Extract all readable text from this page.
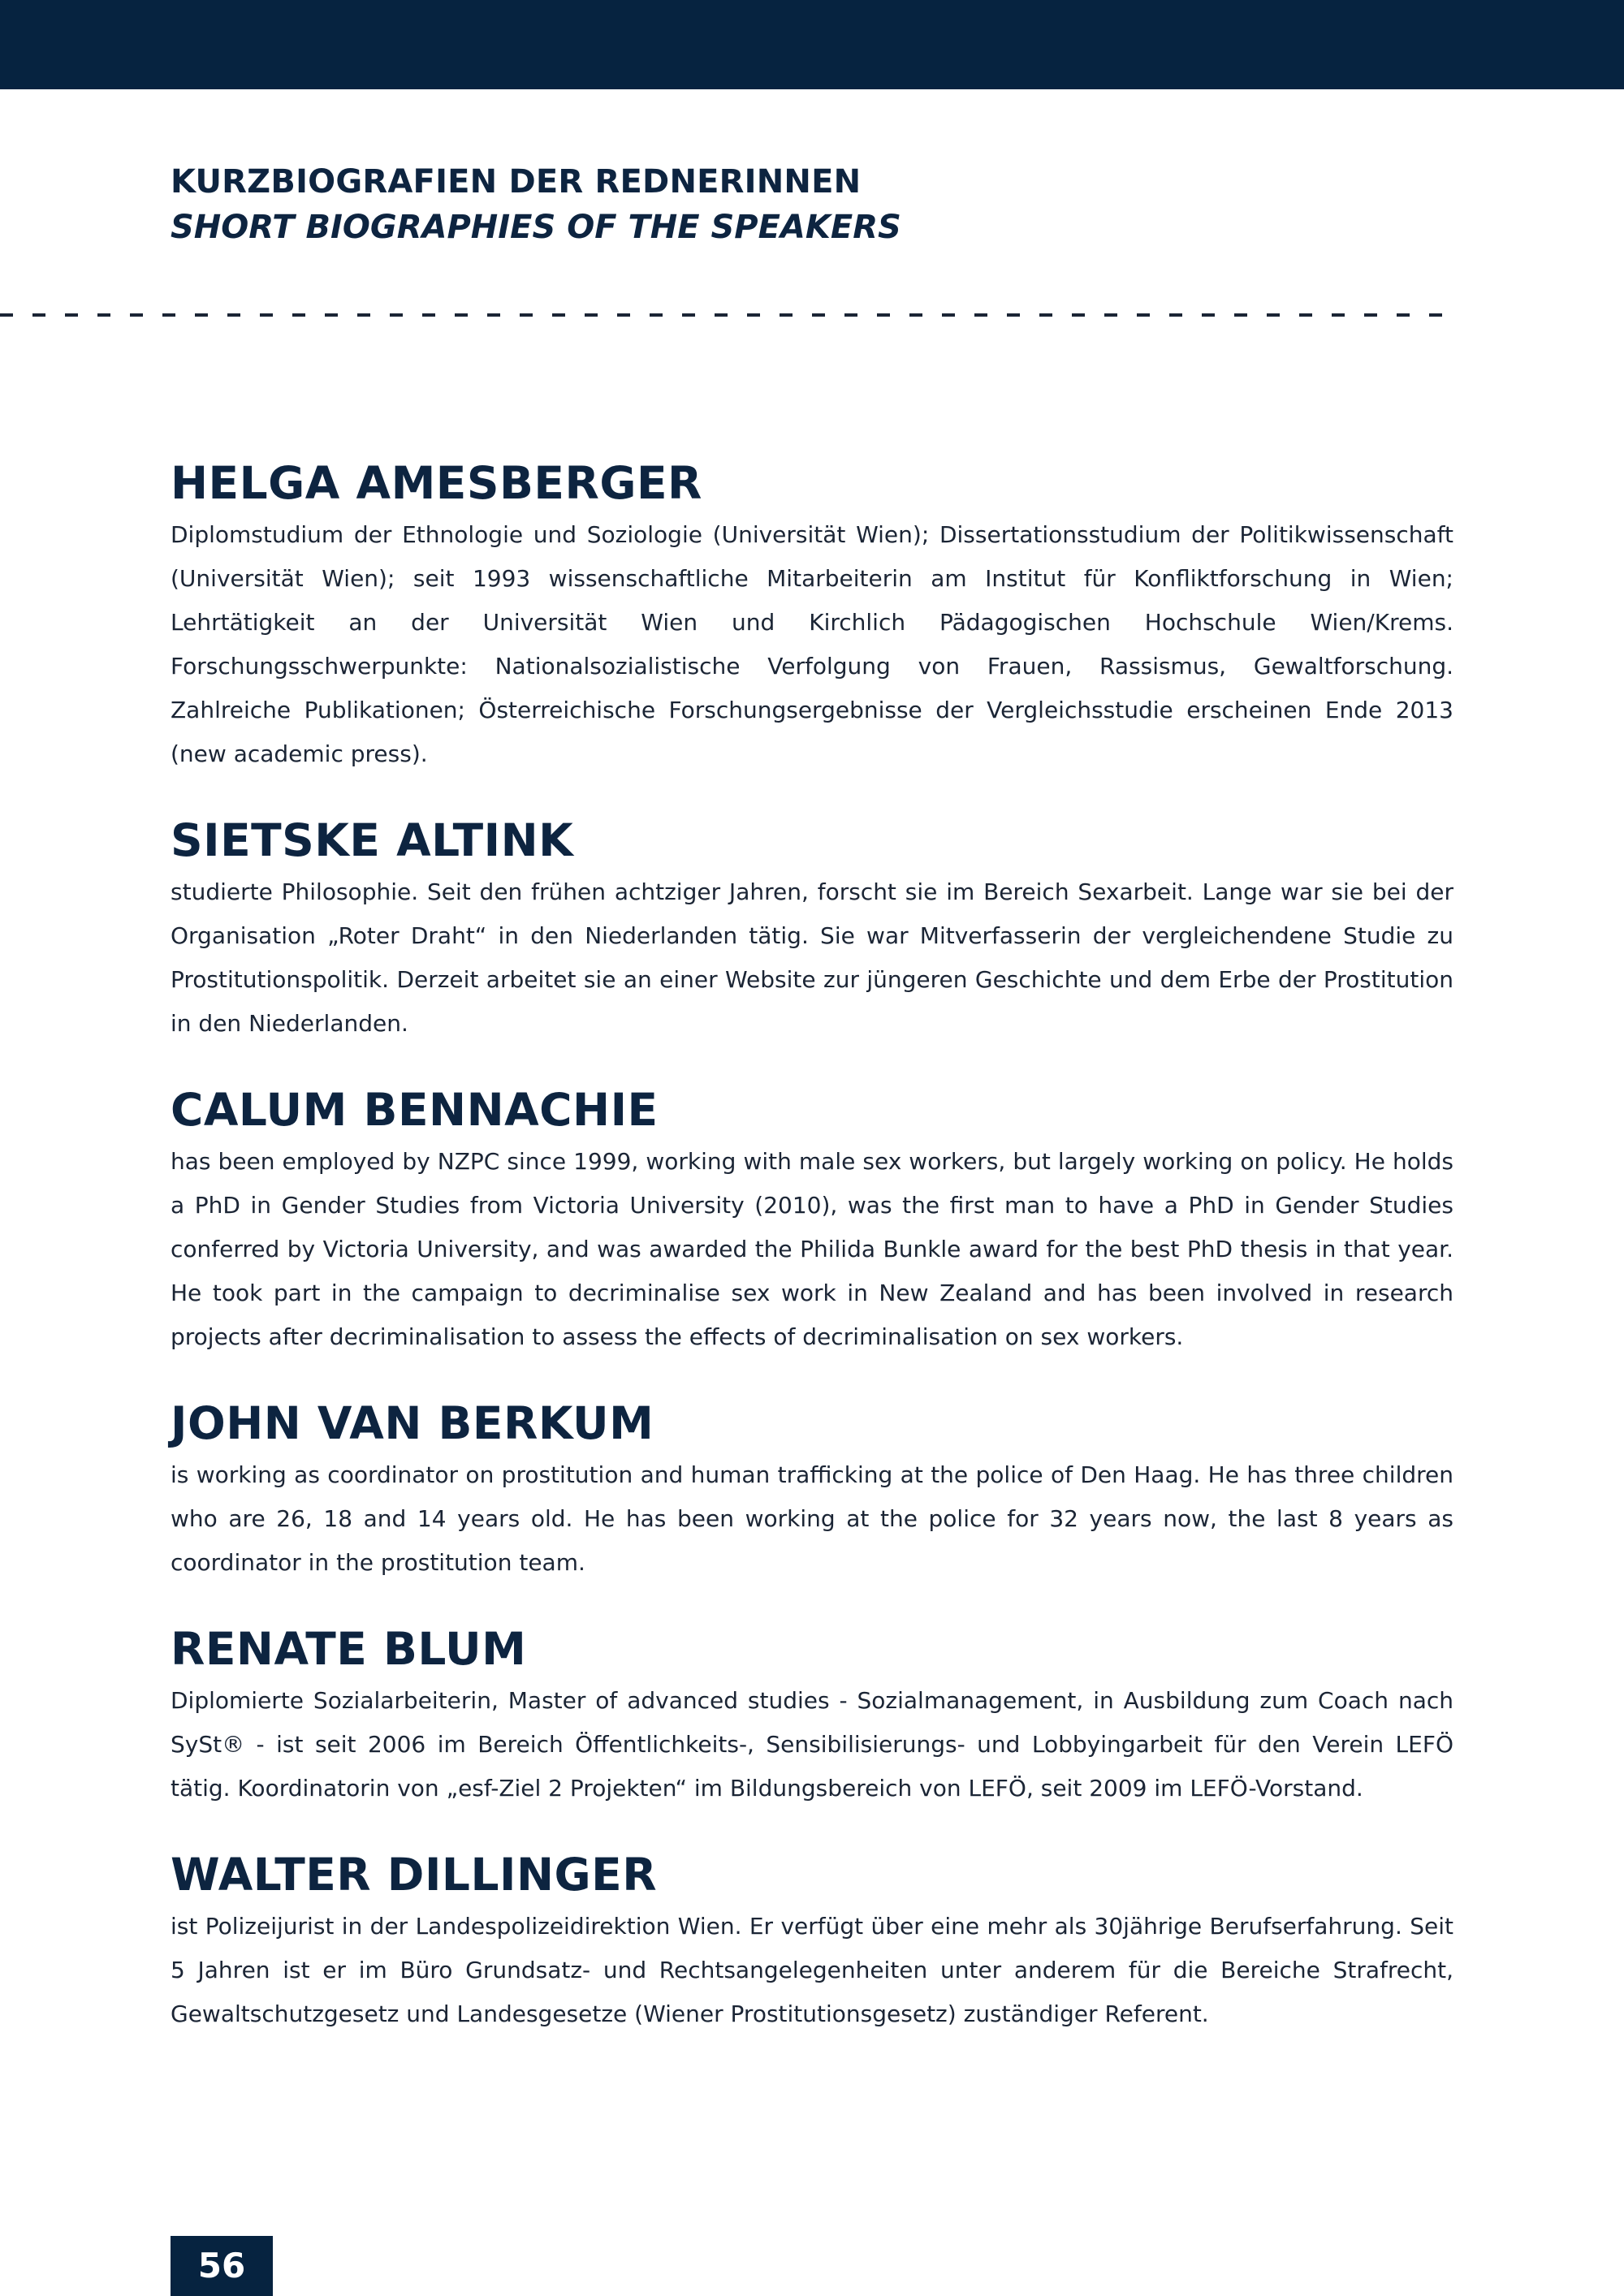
KURZBIOGRAFIEN DER REDNERINNEN
SHORT BIOGRAPHIES OF THE SPEAKERS
HELGA AMESBERGER

Diplomstudium der Ethnologie und Soziologie (Universität Wien); Dissertationsstudium der Politikwissenschaft (Universität Wien); seit 1993 wissenschaftliche Mitarbeiterin am Institut für Konfliktforschung in Wien; Lehrtätigkeit an der Universität Wien und Kirchlich Pädagogischen Hochschule Wien/Krems. Forschungsschwerpunkte: Nationalsozialistische Verfolgung von Frauen, Rassismus, Gewaltforschung. Zahlreiche Publikationen; Österreichische Forschungsergebnisse der Vergleichsstudie erscheinen Ende 2013 (new academic press).

SIETSKE ALTINK

studierte Philosophie. Seit den frühen achtziger Jahren, forscht sie im Bereich Sexarbeit. Lange war sie bei der Organisation „Roter Draht“ in den Niederlanden tätig. Sie war Mitverfasserin der vergleichendene Studie zu Prostitutionspolitik. Derzeit arbeitet sie an einer Website zur jüngeren Geschichte und dem Erbe der Prostitution in den Niederlanden.

CALUM BENNACHIE

has been employed by NZPC since 1999, working with male sex workers, but largely working on policy. He holds a PhD in Gender Studies from Victoria University (2010), was the first man to have a PhD in Gender Studies conferred by Victoria University, and was awarded the Philida Bunkle award for the best PhD thesis in that year. He took part in the campaign to decriminalise sex work in New Zealand and has been involved in research projects after decriminalisation to assess the effects of decriminalisation on sex workers.

JOHN VAN BERKUM

is working as coordinator on prostitution and human trafficking at the police of Den Haag. He has three children who are 26, 18 and 14 years old. He has been working at the police for 32 years now, the last 8 years as coordinator in the prostitution team.

RENATE BLUM

Diplomierte Sozialarbeiterin, Master of advanced studies - Sozialmanagement, in Ausbildung zum Coach nach SySt® - ist seit 2006 im Bereich Öffentlichkeits-, Sensibilisierungs- und Lobbyingarbeit für den Verein LEFÖ tätig. Koordinatorin von „esf-Ziel 2 Projekten“ im Bildungsbereich von LEFÖ, seit 2009 im LEFÖ-Vorstand.

WALTER DILLINGER

ist Polizeijurist in der Landespolizeidirektion Wien. Er verfügt über eine mehr als 30jährige Berufserfahrung. Seit 5 Jahren ist er im Büro Grundsatz- und Rechtsangelegenheiten unter anderem für die Bereiche Strafrecht, Gewaltschutzgesetz und Landesgesetze (Wiener Prostitutionsgesetz) zuständiger Referent.

56
